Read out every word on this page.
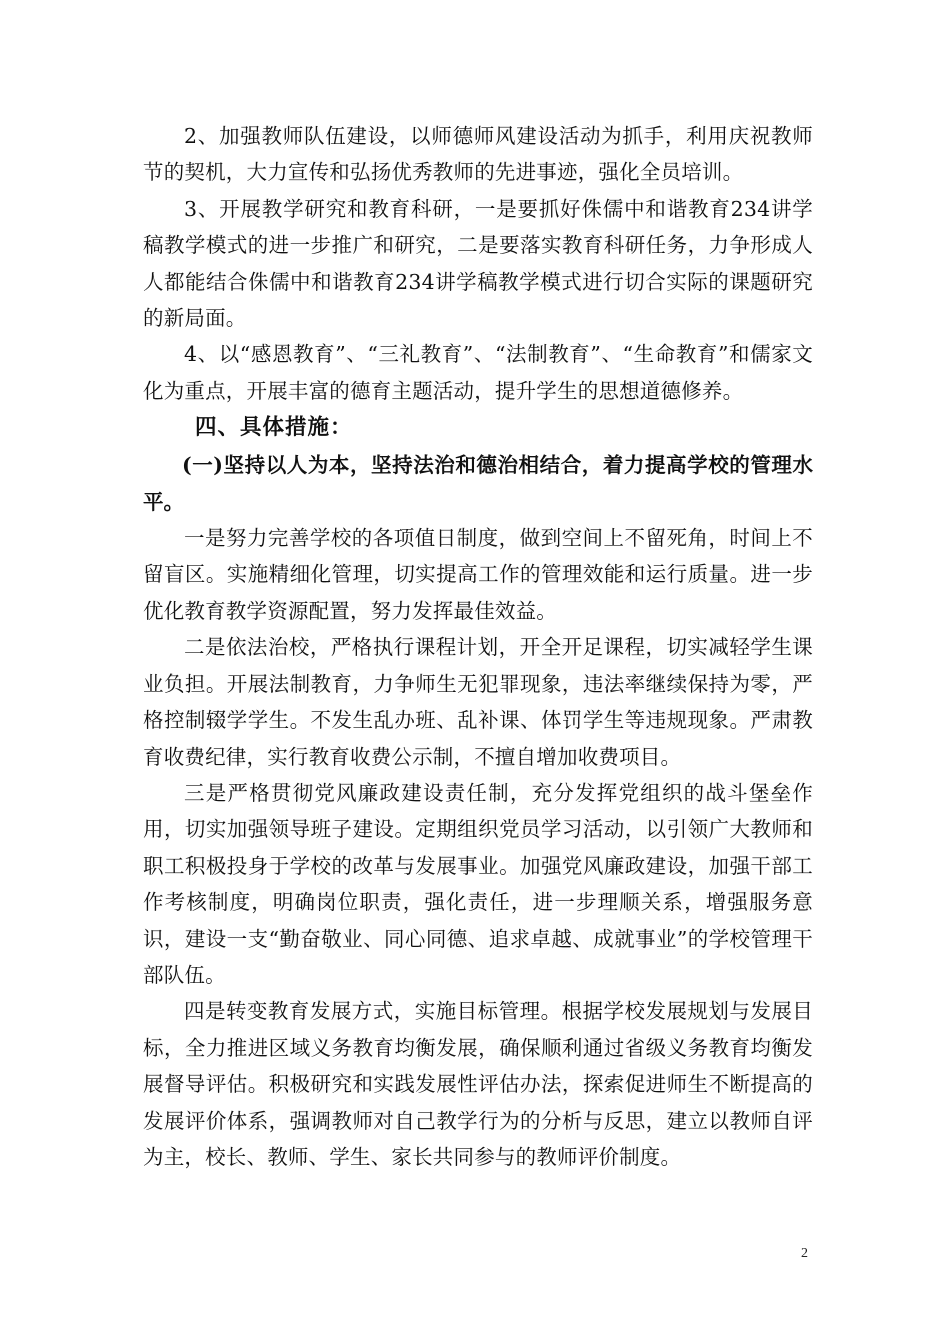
2、加强教师队伍建设，以师德师风建设活动为抓手，利用庆祝教师节的契机，大力宣传和弘扬优秀教师的先进事迹，强化全员培训。

3、开展教学研究和教育科研，一是要抓好侏儒中和谐教育234讲学稿教学模式的进一步推广和研究，二是要落实教育科研任务，力争形成人人都能结合侏儒中和谐教育234讲学稿教学模式进行切合实际的课题研究的新局面。

4、以“感恩教育”、“三礼教育”、“法制教育”、“生命教育”和儒家文化为重点，开展丰富的德育主题活动，提升学生的思想道德修养。

四、具体措施：

(一)坚持以人为本，坚持法治和德治相结合，着力提高学校的管理水平。

一是努力完善学校的各项值日制度，做到空间上不留死角，时间上不留盲区。实施精细化管理，切实提高工作的管理效能和运行质量。进一步优化教育教学资源配置，努力发挥最佳效益。

二是依法治校，严格执行课程计划，开全开足课程，切实减轻学生课业负担。开展法制教育，力争师生无犯罪现象，违法率继续保持为零，严格控制辍学学生。不发生乱办班、乱补课、体罚学生等违规现象。严肃教育收费纪律，实行教育收费公示制，不擅自增加收费项目。

三是严格贯彻党风廉政建设责任制，充分发挥党组织的战斗堡垒作用，切实加强领导班子建设。定期组织党员学习活动，以引领广大教师和职工积极投身于学校的改革与发展事业。加强党风廉政建设，加强干部工作考核制度，明确岗位职责，强化责任，进一步理顺关系，增强服务意识，建设一支“勤奋敬业、同心同德、追求卓越、成就事业”的学校管理干部队伍。

四是转变教育发展方式，实施目标管理。根据学校发展规划与发展目标，全力推进区域义务教育均衡发展，确保顺利通过省级义务教育均衡发展督导评估。积极研究和实践发展性评估办法，探索促进师生不断提高的发展评价体系，强调教师对自己教学行为的分析与反思，建立以教师自评为主，校长、教师、学生、家长共同参与的教师评价制度。

2
